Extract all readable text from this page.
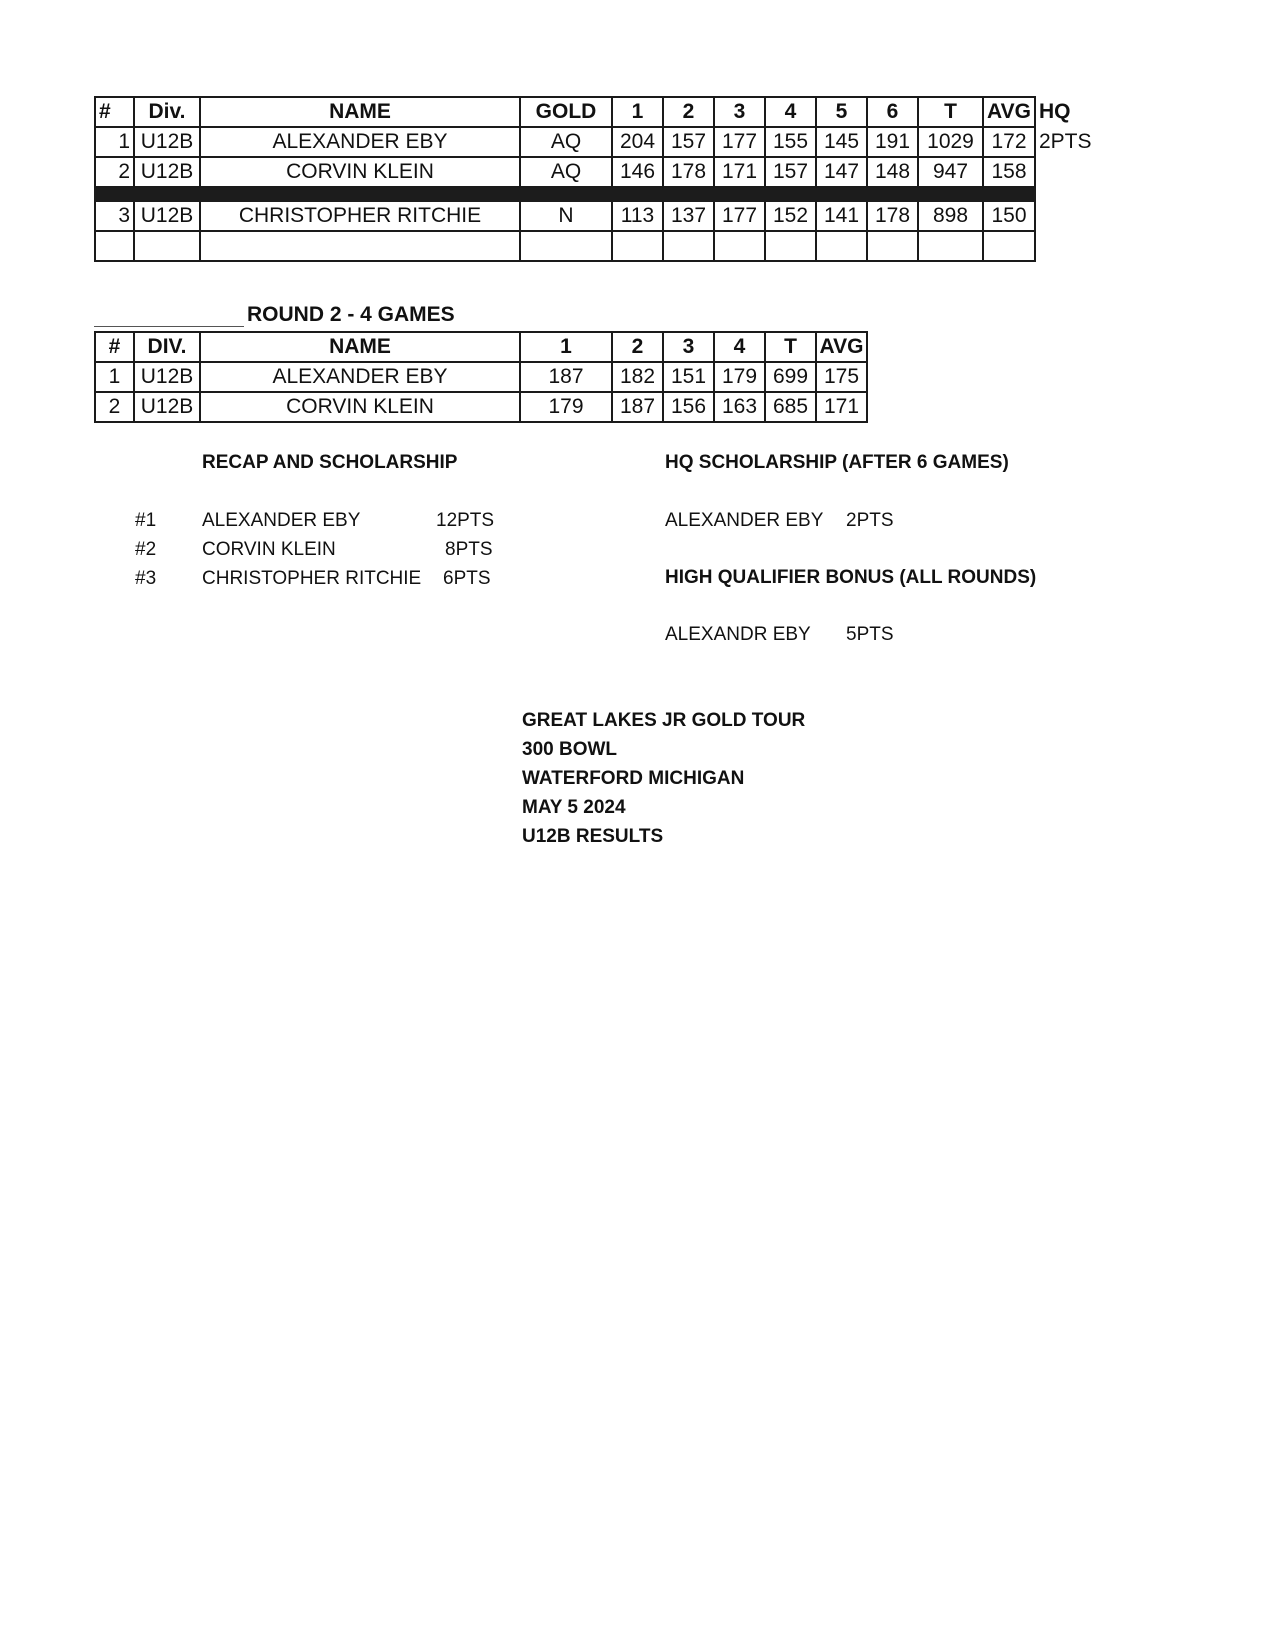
#	Div.	NAME	GOLD	1	2	3	4	5	6	T	AVG	HQ
1	U12B	ALEXANDER EBY	AQ	204	157	177	155	145	191	1029	172	2PTS
2	U12B	CORVIN KLEIN	AQ	146	178	171	157	147	148	947	158	

3	U12B	CHRISTOPHER RITCHIE	N	113	137	177	152	141	178	898	150	

ROUND 2 - 4 GAMES
#	DIV.	NAME	1	2	3	4	T	AVG
1	U12B	ALEXANDER EBY	187	182	151	179	699	175
2	U12B	CORVIN KLEIN	179	187	156	163	685	171
RECAP AND SCHOLARSHIP
#1 ALEXANDER EBY	12PTS
#2 CORVIN KLEIN	8PTS
#3 CHRISTOPHER RITCHIE 6PTS
HQ SCHOLARSHIP (AFTER 6 GAMES)
ALEXANDER EBY 2PTS
HIGH QUALIFIER BONUS (ALL ROUNDS)
ALEXANDR EBY 5PTS
GREAT LAKES JR GOLD TOUR
300 BOWL
WATERFORD MICHIGAN
MAY 5 2024
U12B RESULTS
